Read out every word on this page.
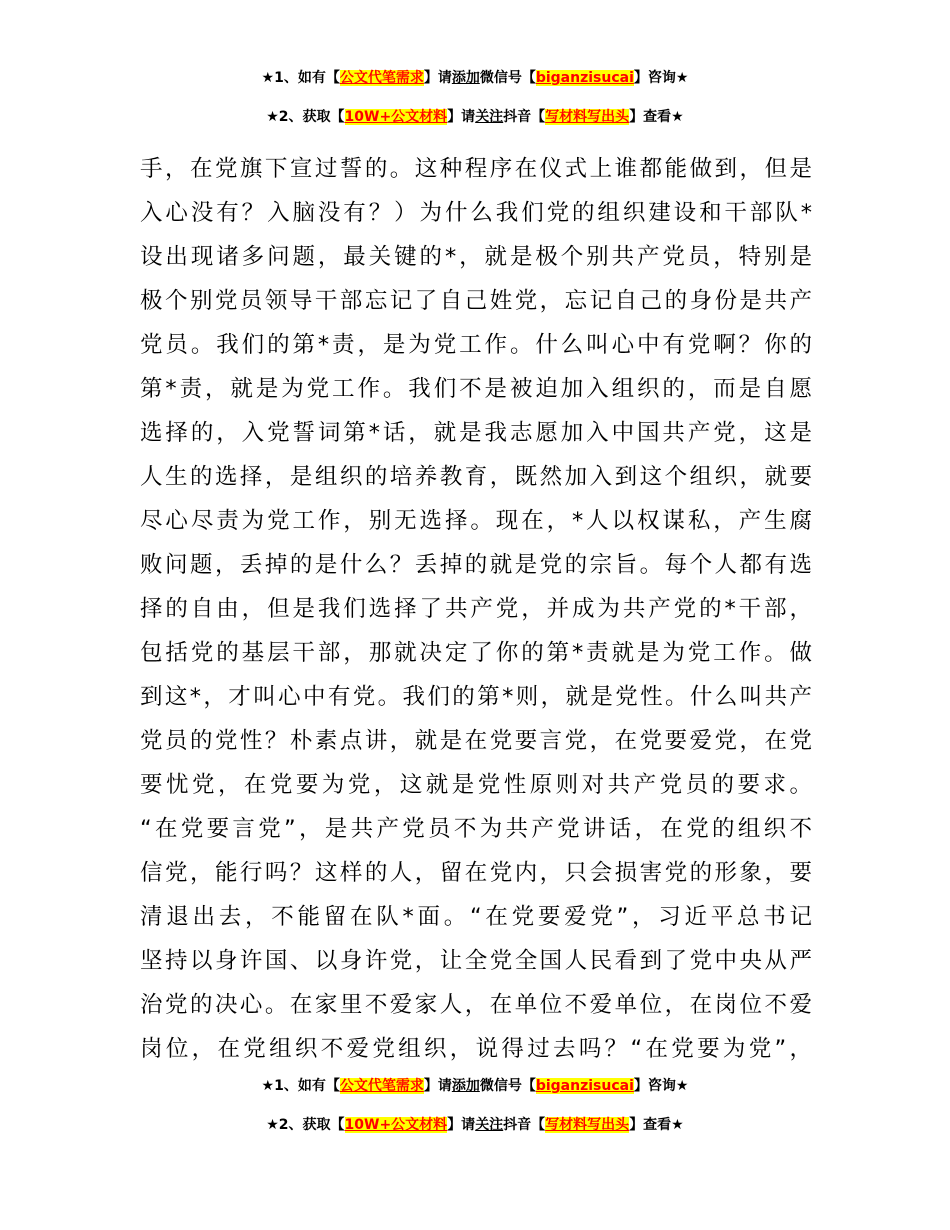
★1、如有【公文代笔需求】请添加微信号【biganzisucai】咨询★
★2、获取【10W+公文材料】请关注抖音【写材料写出头】查看★
手，在党旗下宣过誓的。这种程序在仪式上谁都能做到，但是
入心没有？入脑没有？）为什么我们党的组织建设和干部队*
设出现诸多问题，最关键的*，就是极个别共产党员，特别是
极个别党员领导干部忘记了自己姓党，忘记自己的身份是共产
党员。我们的第*责，是为党工作。什么叫心中有党啊？你的
第*责，就是为党工作。我们不是被迫加入组织的，而是自愿
选择的，入党誓词第*话，就是我志愿加入中国共产党，这是
人生的选择，是组织的培养教育，既然加入到这个组织，就要
尽心尽责为党工作，别无选择。现在，*人以权谋私，产生腐
败问题，丢掉的是什么？丢掉的就是党的宗旨。每个人都有选
择的自由，但是我们选择了共产党，并成为共产党的*干部，
包括党的基层干部，那就决定了你的第*责就是为党工作。做
到这*，才叫心中有党。我们的第*则，就是党性。什么叫共产
党员的党性？朴素点讲，就是在党要言党，在党要爱党，在党
要忧党，在党要为党，这就是党性原则对共产党员的要求。
“在党要言党”，是共产党员不为共产党讲话，在党的组织不
信党，能行吗？这样的人，留在党内，只会损害党的形象，要
清退出去，不能留在队*面。“在党要爱党”，习近平总书记
坚持以身许国、以身许党，让全党全国人民看到了党中央从严
治党的决心。在家里不爱家人，在单位不爱单位，在岗位不爱
岗位，在党组织不爱党组织，说得过去吗？“在党要为党”，
★1、如有【公文代笔需求】请添加微信号【biganzisucai】咨询★
★2、获取【10W+公文材料】请关注抖音【写材料写出头】查看★
